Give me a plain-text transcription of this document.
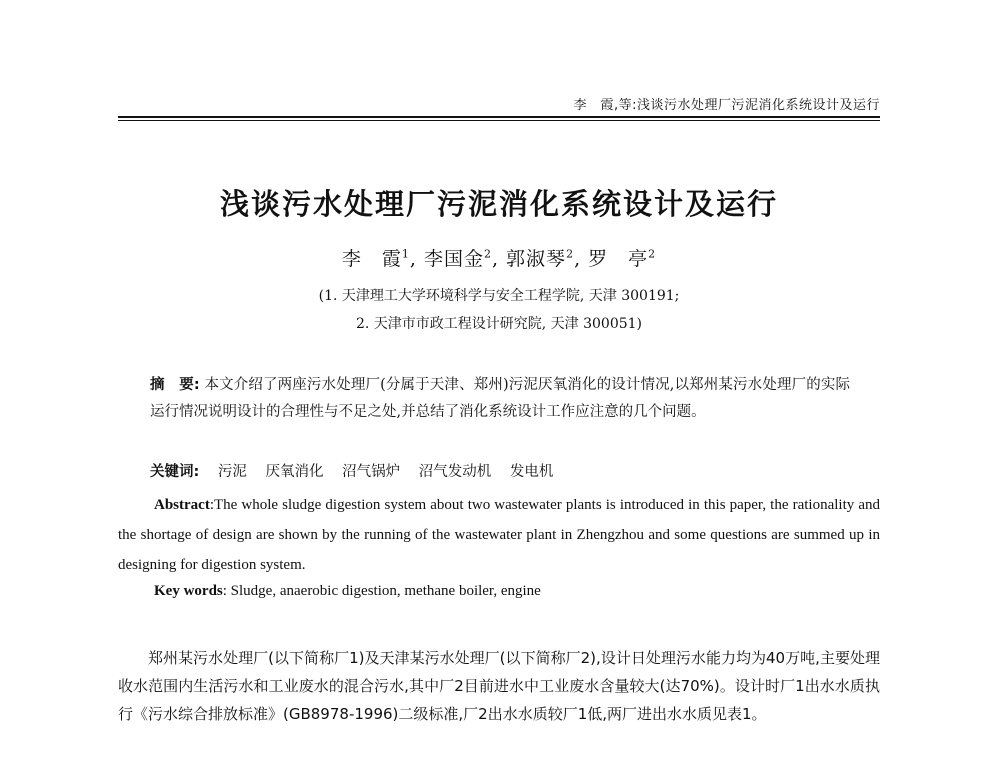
李　霞,等:浅谈污水处理厂污泥消化系统设计及运行
浅谈污水处理厂污泥消化系统设计及运行
李　霞$^1$, 李国金$^2$, 郭淑琴$^2$, 罗　亭$^2$
(1. 天津理工大学环境科学与安全工程学院, 天津 300191;
2. 天津市市政工程设计研究院, 天津 300051)
摘　要: 本文介绍了两座污水处理厂(分属于天津、郑州)污泥厌氧消化的设计情况,以郑州某污水处理厂的实际运行情况说明设计的合理性与不足之处,并总结了消化系统设计工作应注意的几个问题。
关键词: 污泥 厌氧消化 沼气锅炉 沼气发动机 发电机
Abstract:The whole sludge digestion system about two wastewater plants is introduced in this paper, the rationality and the shortage of design are shown by the running of the wastewater plant in Zhengzhou and some questions are summed up in designing for digestion system.
Key words: Sludge, anaerobic digestion, methane boiler, engine
郑州某污水处理厂(以下简称厂1)及天津某污水处理厂(以下简称厂2),设计日处理污水能力均为40万吨,主要处理收水范围内生活污水和工业废水的混合污水,其中厂2目前进水中工业废水含量较大(达70%)。设计时厂1出水水质执行《污水综合排放标准》(GB8978-1996)二级标准,厂2出水水质较厂1低,两厂进出水水质见表1。
